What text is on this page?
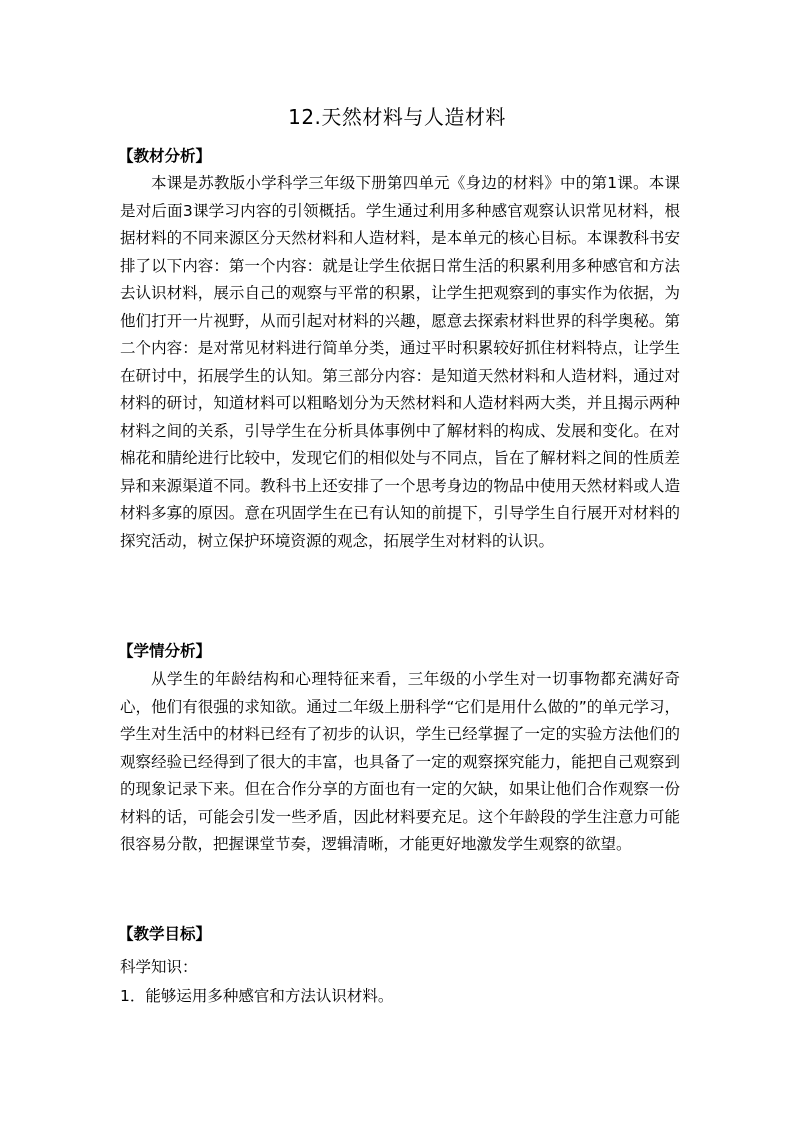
12.天然材料与人造材料
【教材分析】

本课是苏教版小学科学三年级下册第四单元《身边的材料》中的第1课。本课是对后面3课学习内容的引领概括。学生通过利用多种感官观察认识常见材料，根据材料的不同来源区分天然材料和人造材料，是本单元的核心目标。本课教科书安排了以下内容：第一个内容：就是让学生依据日常生活的积累利用多种感官和方法去认识材料，展示自己的观察与平常的积累，让学生把观察到的事实作为依据，为他们打开一片视野，从而引起对材料的兴趣，愿意去探索材料世界的科学奥秘。第二个内容：是对常见材料进行简单分类，通过平时积累较好抓住材料特点，让学生在研讨中，拓展学生的认知。第三部分内容：是知道天然材料和人造材料，通过对材料的研讨，知道材料可以粗略划分为天然材料和人造材料两大类，并且揭示两种材料之间的关系，引导学生在分析具体事例中了解材料的构成、发展和变化。在对棉花和腈纶进行比较中，发现它们的相似处与不同点，旨在了解材料之间的性质差异和来源渠道不同。教科书上还安排了一个思考身边的物品中使用天然材料或人造材料多寡的原因。意在巩固学生在已有认知的前提下，引导学生自行展开对材料的探究活动，树立保护环境资源的观念，拓展学生对材料的认识。

【学情分析】

从学生的年龄结构和心理特征来看，三年级的小学生对一切事物都充满好奇心，他们有很强的求知欲。通过二年级上册科学“它们是用什么做的”的单元学习，学生对生活中的材料已经有了初步的认识，学生已经掌握了一定的实验方法他们的观察经验已经得到了很大的丰富，也具备了一定的观察探究能力，能把自己观察到的现象记录下来。但在合作分享的方面也有一定的欠缺，如果让他们合作观察一份材料的话，可能会引发一些矛盾，因此材料要充足。这个年龄段的学生注意力可能很容易分散，把握课堂节奏，逻辑清晰，才能更好地激发学生观察的欲望。

【教学目标】
科学知识：
1．能够运用多种感官和方法认识材料。
